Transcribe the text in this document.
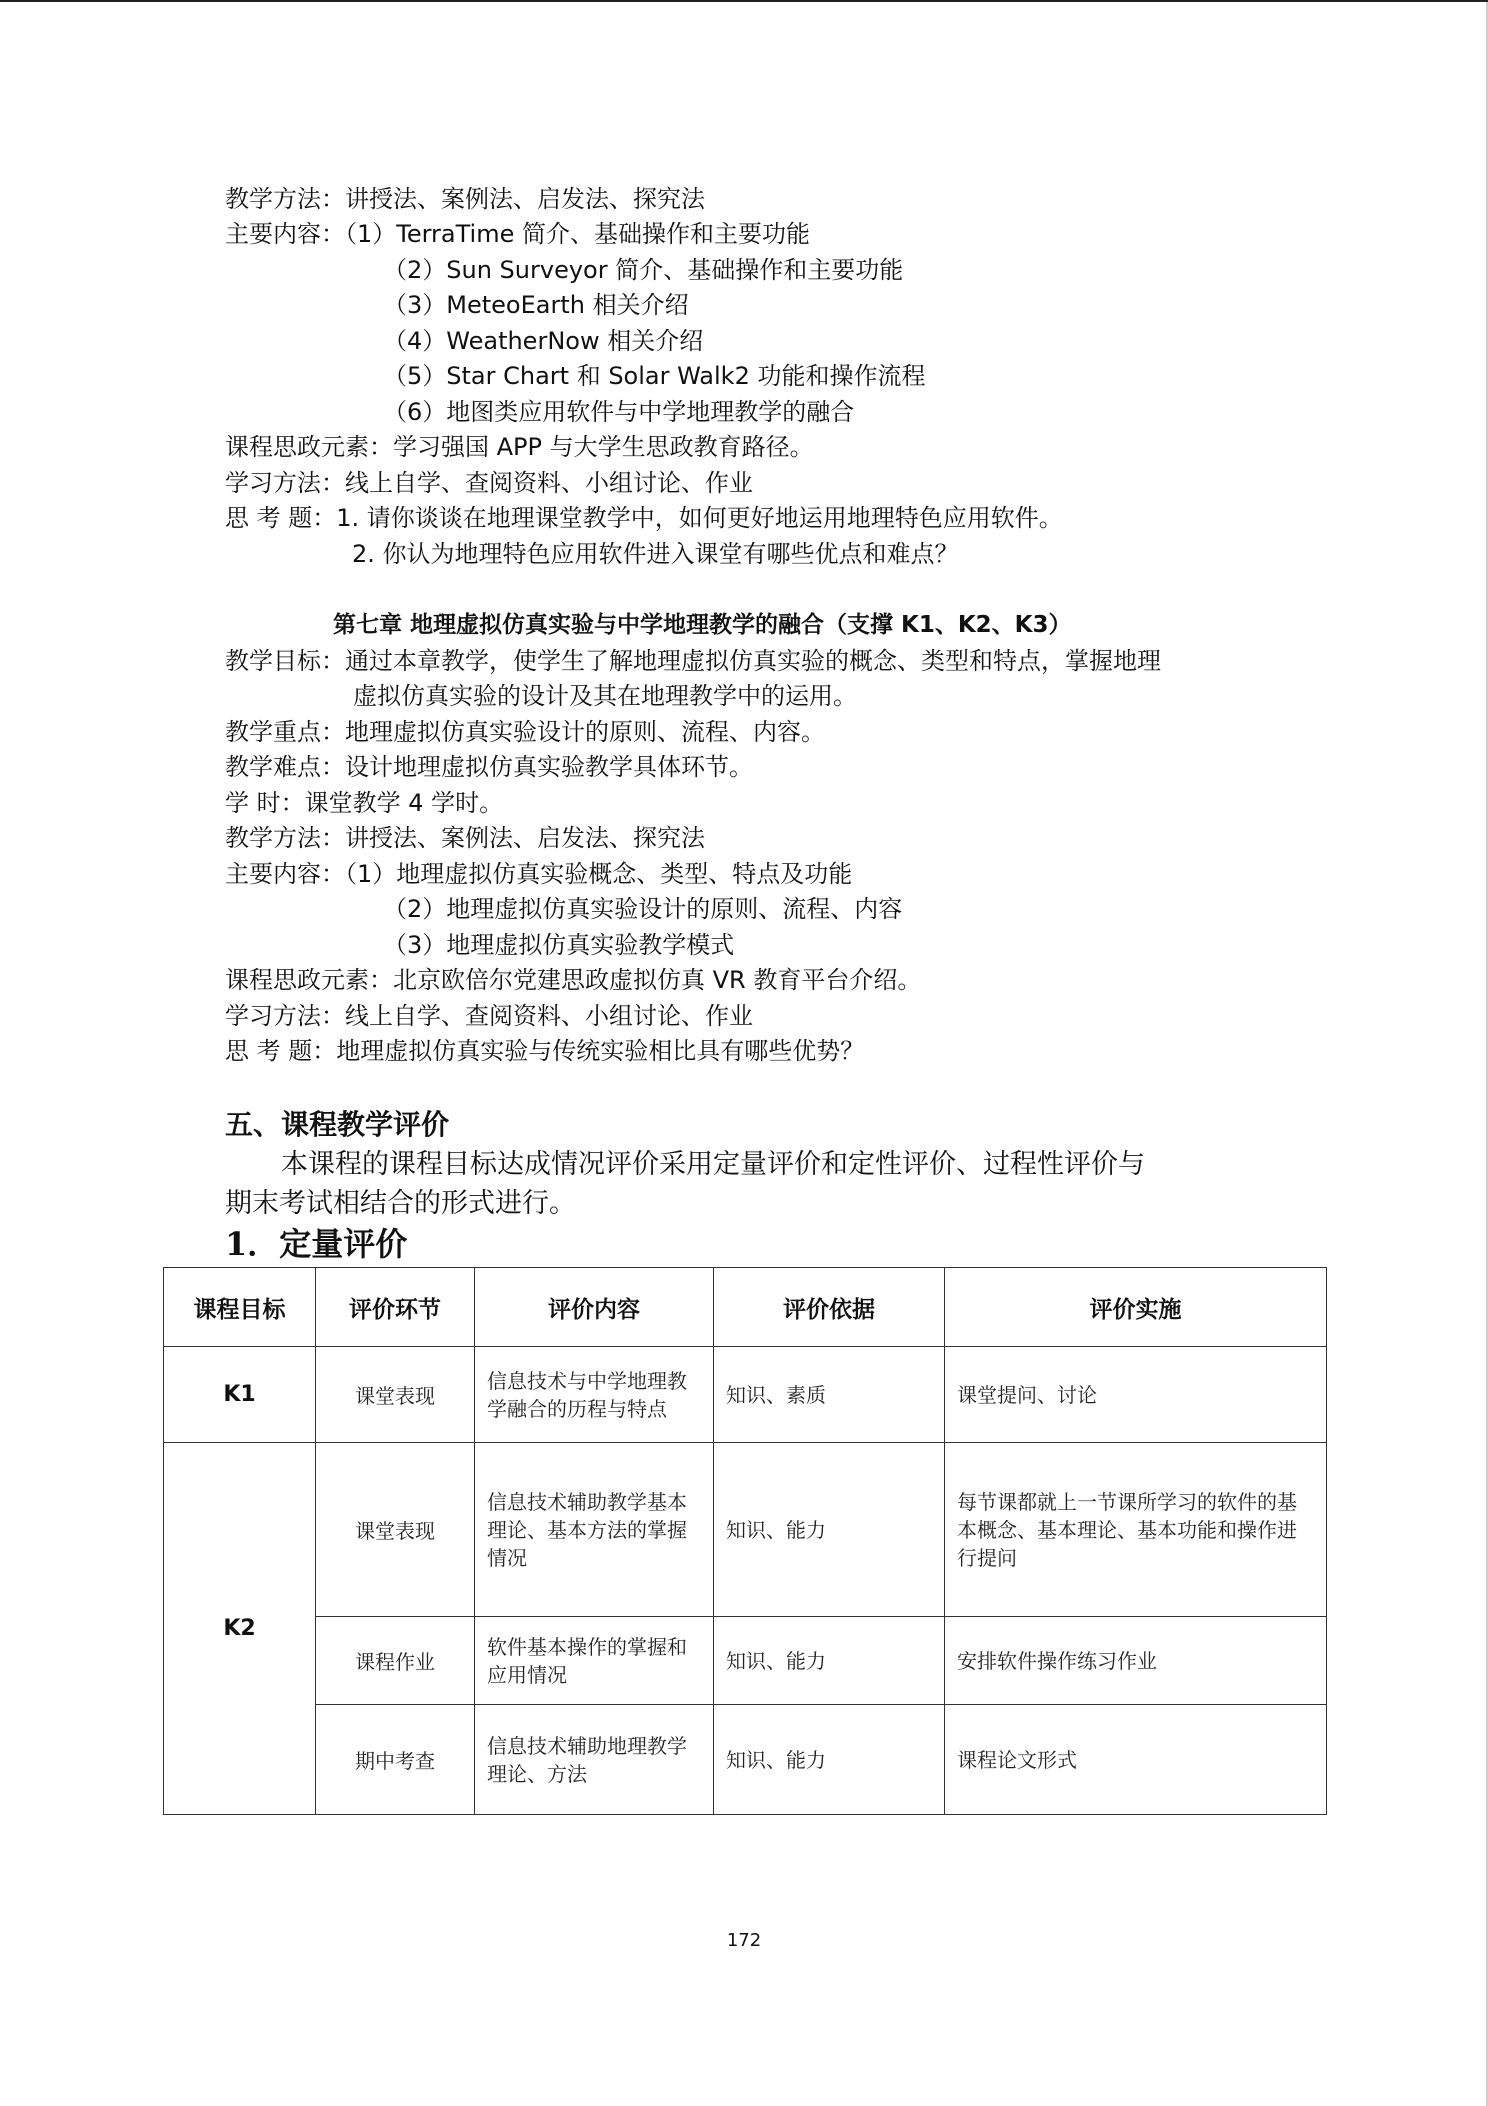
教学方法：讲授法、案例法、启发法、探究法
主要内容：（1）TerraTime 简介、基础操作和主要功能
（2）Sun Surveyor 简介、基础操作和主要功能
（3）MeteoEarth 相关介绍
（4）WeatherNow 相关介绍
（5）Star Chart 和 Solar Walk2 功能和操作流程
（6）地图类应用软件与中学地理教学的融合
课程思政元素：学习强国 APP 与大学生思政教育路径。
学习方法：线上自学、查阅资料、小组讨论、作业
思 考 题：1. 请你谈谈在地理课堂教学中，如何更好地运用地理特色应用软件。
2. 你认为地理特色应用软件进入课堂有哪些优点和难点？
第七章 地理虚拟仿真实验与中学地理教学的融合（支撑 K1、K2、K3）
教学目标：通过本章教学，使学生了解地理虚拟仿真实验的概念、类型和特点，掌握地理
虚拟仿真实验的设计及其在地理教学中的运用。
教学重点：地理虚拟仿真实验设计的原则、流程、内容。
教学难点：设计地理虚拟仿真实验教学具体环节。
学 时：课堂教学 4 学时。
教学方法：讲授法、案例法、启发法、探究法
主要内容：（1）地理虚拟仿真实验概念、类型、特点及功能
（2）地理虚拟仿真实验设计的原则、流程、内容
（3）地理虚拟仿真实验教学模式
课程思政元素：北京欧倍尔党建思政虚拟仿真 VR 教育平台介绍。
学习方法：线上自学、查阅资料、小组讨论、作业
思 考 题：地理虚拟仿真实验与传统实验相比具有哪些优势？
五、课程教学评价
本课程的课程目标达成情况评价采用定量评价和定性评价、过程性评价与
期末考试相结合的形式进行。
1．定量评价
课程目标	评价环节	评价内容	评价依据	评价实施
K1	课堂表现	信息技术与中学地理教学融合的历程与特点	知识、素质	课堂提问、讨论
K2	课堂表现	信息技术辅助教学基本理论、基本方法的掌握情况	知识、能力	每节课都就上一节课所学习的软件的基本概念、基本理论、基本功能和操作进行提问
	课程作业	软件基本操作的掌握和应用情况	知识、能力	安排软件操作练习作业
	期中考查	信息技术辅助地理教学理论、方法	知识、能力	课程论文形式
172
